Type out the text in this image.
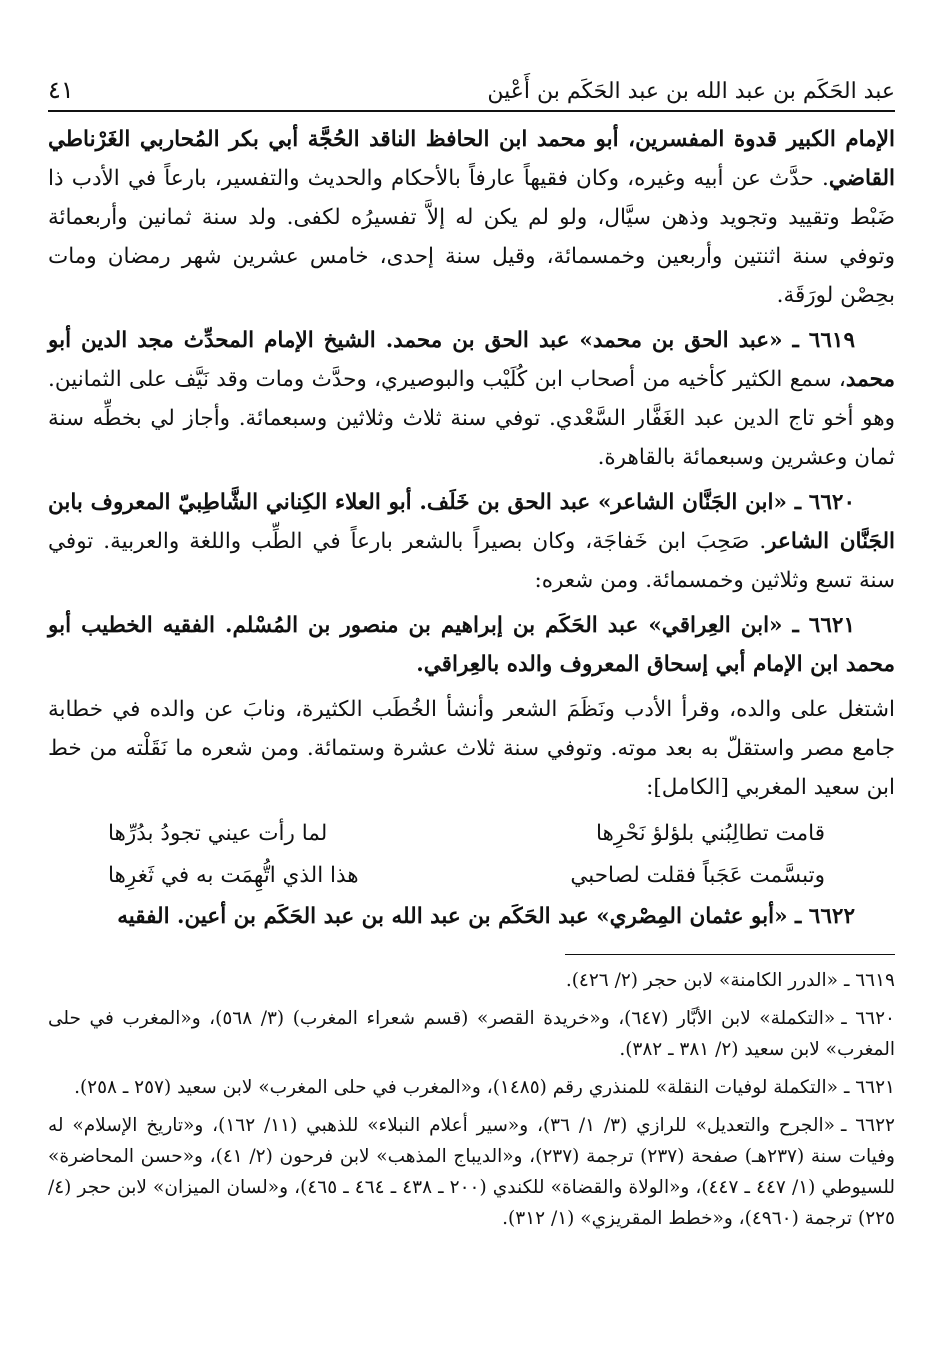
عبد الحَكَم بن عبد الله بن عبد الحَكَم بن أَعْين
٤١

الإمام الكبير قدوة المفسرين، أبو محمد ابن الحافظ الناقد الحُجَّة أبي بكر المُحاربي الغَرْناطي القاضي. حدَّث عن أبيه وغيره، وكان فقيهاً عارفاً بالأحكام والحديث والتفسير، بارعاً في الأدب ذا ضَبْط وتقييد وتجويد وذهن سيَّال، ولو لم يكن له إلاَّ تفسيرُه لكفى. ولد سنة ثمانين وأربعمائة وتوفي سنة اثنتين وأربعين وخمسمائة، وقيل سنة إحدى، خامس عشرين شهر رمضان ومات بحِصْن لورَقَة.

٦٦١٩ ـ «عبد الحق بن محمد» عبد الحق بن محمد. الشيخ الإمام المحدِّث مجد الدين أبو محمد، سمع الكثير كأخيه من أصحاب ابن كُلَيْب والبوصيري، وحدَّث ومات وقد نَيَّف على الثمانين. وهو أخو تاج الدين عبد الغَفَّار السَّعْدي. توفي سنة ثلاث وثلاثين وسبعمائة. وأجاز لي بخطِّه سنة ثمان وعشرين وسبعمائة بالقاهرة.

٦٦٢٠ ـ «ابن الجَنَّان الشاعر» عبد الحق بن خَلَف. أبو العلاء الكِناني الشَّاطِبيّ المعروف بابن الجَنَّان الشاعر. صَحِبَ ابن خَفاجَة، وكان بصيراً بالشعر بارعاً في الطِّب واللغة والعربية. توفي سنة تسع وثلاثين وخمسمائة. ومن شعره:

٦٦٢١ ـ «ابن العِراقي» عبد الحَكَم بن إبراهيم بن منصور بن المُسْلم. الفقيه الخطيب أبو محمد ابن الإمام أبي إسحاق المعروف والده بالعِراقي.

اشتغل على والده، وقرأ الأدب ونَظَمَ الشعر وأنشأ الخُطَب الكثيرة، ونابَ عن والده في خطابة جامع مصر واستقلّ به بعد موته. وتوفي سنة ثلاث عشرة وستمائة. ومن شعره ما نَقَلْته من خط ابن سعيد المغربي [الكامل]:

قامت تطالِبُني بلؤلؤ نَحْرِها
لما رأت عيني تجودُ بدُرِّها
وتبسَّمت عَجَباً فقلت لصاحبي
هذا الذي اتُّهِمَت به في ثَغرِها

٦٦٢٢ ـ «أبو عثمان المِصْري» عبد الحَكَم بن عبد الله بن عبد الحَكَم بن أعين. الفقيه

٦٦١٩ ـ«الدرر الكامنة» لابن حجر (٢/ ٤٢٦).

٦٦٢٠ ـ«التكملة» لابن الأبَّار (٦٤٧)، و«خريدة القصر» (قسم شعراء المغرب) (٣/ ٥٦٨)، و«المغرب في حلى المغرب» لابن سعيد (٢/ ٣٨١ ـ ٣٨٢).

٦٦٢١ ـ«التكملة لوفيات النقلة» للمنذري رقم (١٤٨٥)، و«المغرب في حلى المغرب» لابن سعيد (٢٥٧ ـ ٢٥٨).

٦٦٢٢ ـ«الجرح والتعديل» للرازي (٣/ ١/ ٣٦)، و«سير أعلام النبلاء» للذهبي (١١/ ١٦٢)، و«تاريخ الإسلام» له وفيات سنة (٢٣٧هـ) صفحة (٢٣٧) ترجمة (٢٣٧)، و«الديباج المذهب» لابن فرحون (٢/ ٤١)، و«حسن المحاضرة» للسيوطي (١/ ٤٤٧ ـ ٤٤٧)، و«الولاة والقضاة» للكندي (٢٠٠ ـ ٤٣٨ ـ ٤٦٤ ـ ٤٦٥)، و«لسان الميزان» لابن حجر (٤/ ٢٢٥) ترجمة (٤٩٦٠)، و«خطط المقريزي» (١/ ٣١٢).
